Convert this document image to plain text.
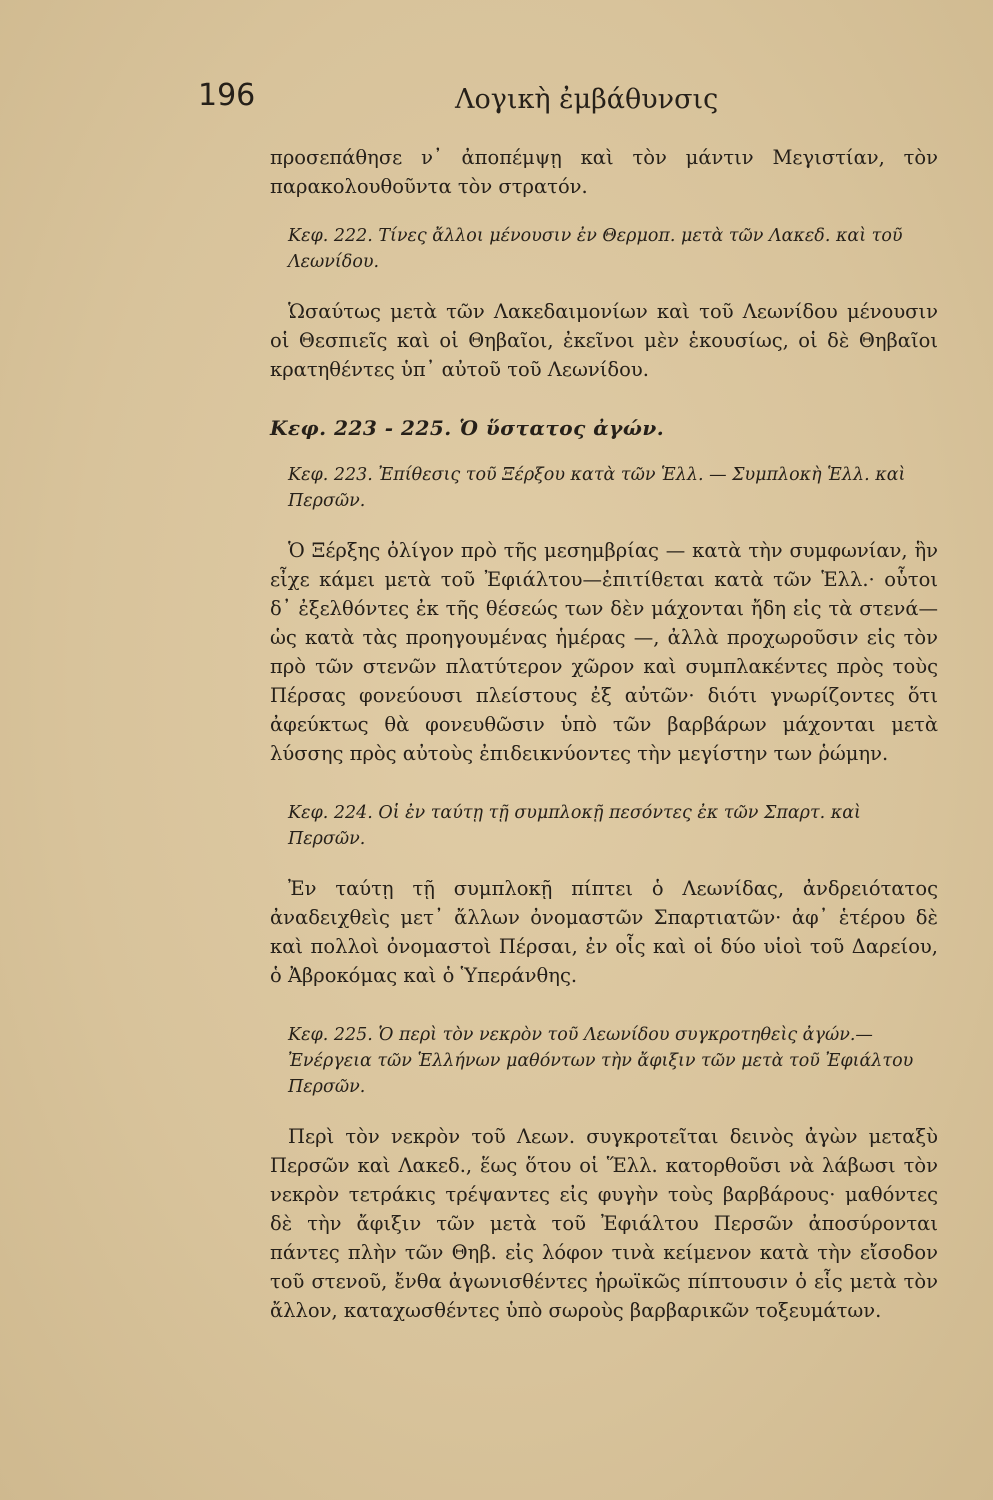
196	Λογικὴ ἐμβάθυνσις

προσεπάθησε ν᾽ ἀποπέμψῃ καὶ τὸν μάντιν Μεγιστίαν, τὸν παρακολουθοῦντα τὸν στρατόν.

Κεφ. 222. Τίνες ἄλλοι μένουσιν ἐν Θερμοπ. μετὰ τῶν Λακεδ. καὶ τοῦ Λεωνίδου.

Ὡσαύτως μετὰ τῶν Λακεδαιμονίων καὶ τοῦ Λεωνίδου μένουσιν οἱ Θεσπιεῖς καὶ οἱ Θηβαῖοι, ἐκεῖνοι μὲν ἑκουσίως, οἱ δὲ Θηβαῖοι κρατηθέντες ὑπ᾽ αὐτοῦ τοῦ Λεωνίδου.

Κεφ. 223 - 225. Ὁ ὕστατος ἀγών.

Κεφ. 223. Ἐπίθεσις τοῦ Ξέρξου κατὰ τῶν Ἑλλ. — Συμπλοκὴ Ἑλλ. καὶ Περσῶν.

Ὁ Ξέρξης ὀλίγον πρὸ τῆς μεσημβρίας — κατὰ τὴν συμφωνίαν, ἣν εἶχε κάμει μετὰ τοῦ Ἐφιάλτου—ἐπιτίθεται κατὰ τῶν Ἑλλ.· οὗτοι δ᾽ ἐξελθόντες ἐκ τῆς θέσεώς των δὲν μάχονται ἤδη εἰς τὰ στενά— ὡς κατὰ τὰς προηγουμένας ἡμέρας —, ἀλλὰ προχωροῦσιν εἰς τὸν πρὸ τῶν στενῶν πλατύτερον χῶρον καὶ συμπλακέντες πρὸς τοὺς Πέρσας φονεύουσι πλείστους ἐξ αὐτῶν· διότι γνωρίζοντες ὅτι ἀφεύκτως θὰ φονευθῶσιν ὑπὸ τῶν βαρβάρων μάχονται μετὰ λύσσης πρὸς αὐτοὺς ἐπιδεικνύοντες τὴν μεγίστην των ῥώμην.

Κεφ. 224. Οἱ ἐν ταύτῃ τῇ συμπλοκῇ πεσόντες ἐκ τῶν Σπαρτ. καὶ Περσῶν.

Ἐν ταύτῃ τῇ συμπλοκῇ πίπτει ὁ Λεωνίδας, ἀνδρειότατος ἀναδειχθεὶς μετ᾽ ἄλλων ὀνομαστῶν Σπαρτιατῶν· ἀφ᾽ ἑτέρου δὲ καὶ πολλοὶ ὀνομαστοὶ Πέρσαι, ἐν οἷς καὶ οἱ δύο υἱοὶ τοῦ Δαρείου, ὁ Ἀβροκόμας καὶ ὁ Ὑπεράνθης.

Κεφ. 225. Ὁ περὶ τὸν νεκρὸν τοῦ Λεωνίδου συγκροτηθεὶς ἀγών.— Ἐνέργεια τῶν Ἑλλήνων μαθόντων τὴν ἄφιξιν τῶν μετὰ τοῦ Ἐφιάλτου Περσῶν.

Περὶ τὸν νεκρὸν τοῦ Λεων. συγκροτεῖται δεινὸς ἀγὼν μεταξὺ Περσῶν καὶ Λακεδ., ἕως ὅτου οἱ Ἕλλ. κατορθοῦσι νὰ λάβωσι τὸν νεκρὸν τετράκις τρέψαντες εἰς φυγὴν τοὺς βαρβάρους· μαθόντες δὲ τὴν ἄφιξιν τῶν μετὰ τοῦ Ἐφιάλτου Περσῶν ἀποσύρονται πάντες πλὴν τῶν Θηβ. εἰς λόφον τινὰ κείμενον κατὰ τὴν εἴσοδον τοῦ στενοῦ, ἔνθα ἀγωνισθέντες ἡρωϊκῶς πίπτουσιν ὁ εἷς μετὰ τὸν ἄλλον, καταχωσθέντες ὑπὸ σωροὺς βαρβαρικῶν τοξευμάτων.
